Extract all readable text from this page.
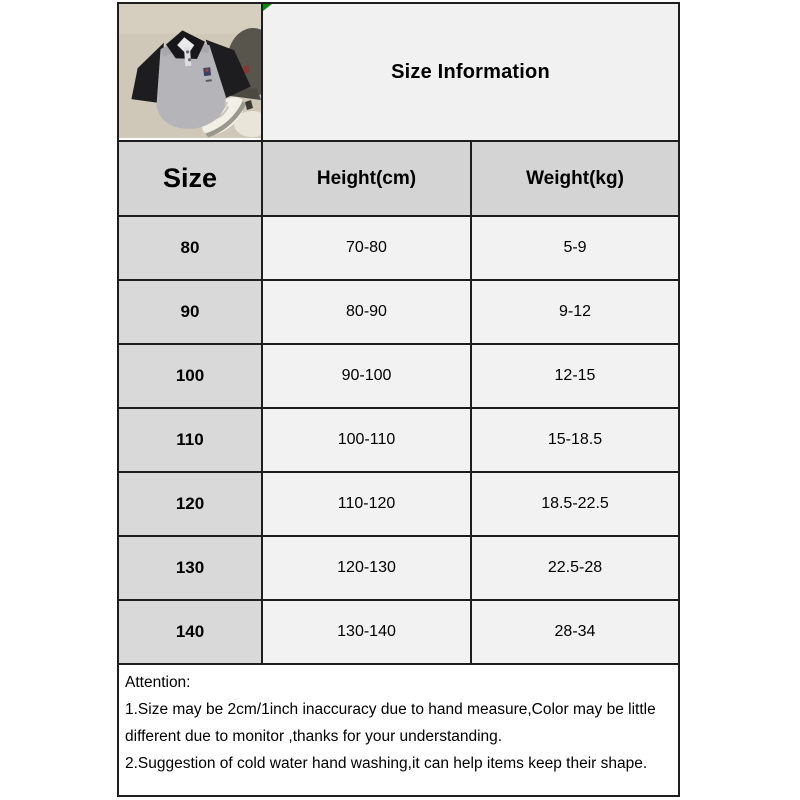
Size Information
Size	Height(cm)	Weight(kg)
80	70-80	5-9
90	80-90	9-12
100	90-100	12-15
110	100-110	15-18.5
120	110-120	18.5-22.5
130	120-130	22.5-28
140	130-140	28-34
Attention:
1.Size may be 2cm/1inch inaccuracy due to hand measure,Color may be little
different due to monitor ,thanks for your understanding.
2.Suggestion of cold water hand washing,it can help items keep their shape.
